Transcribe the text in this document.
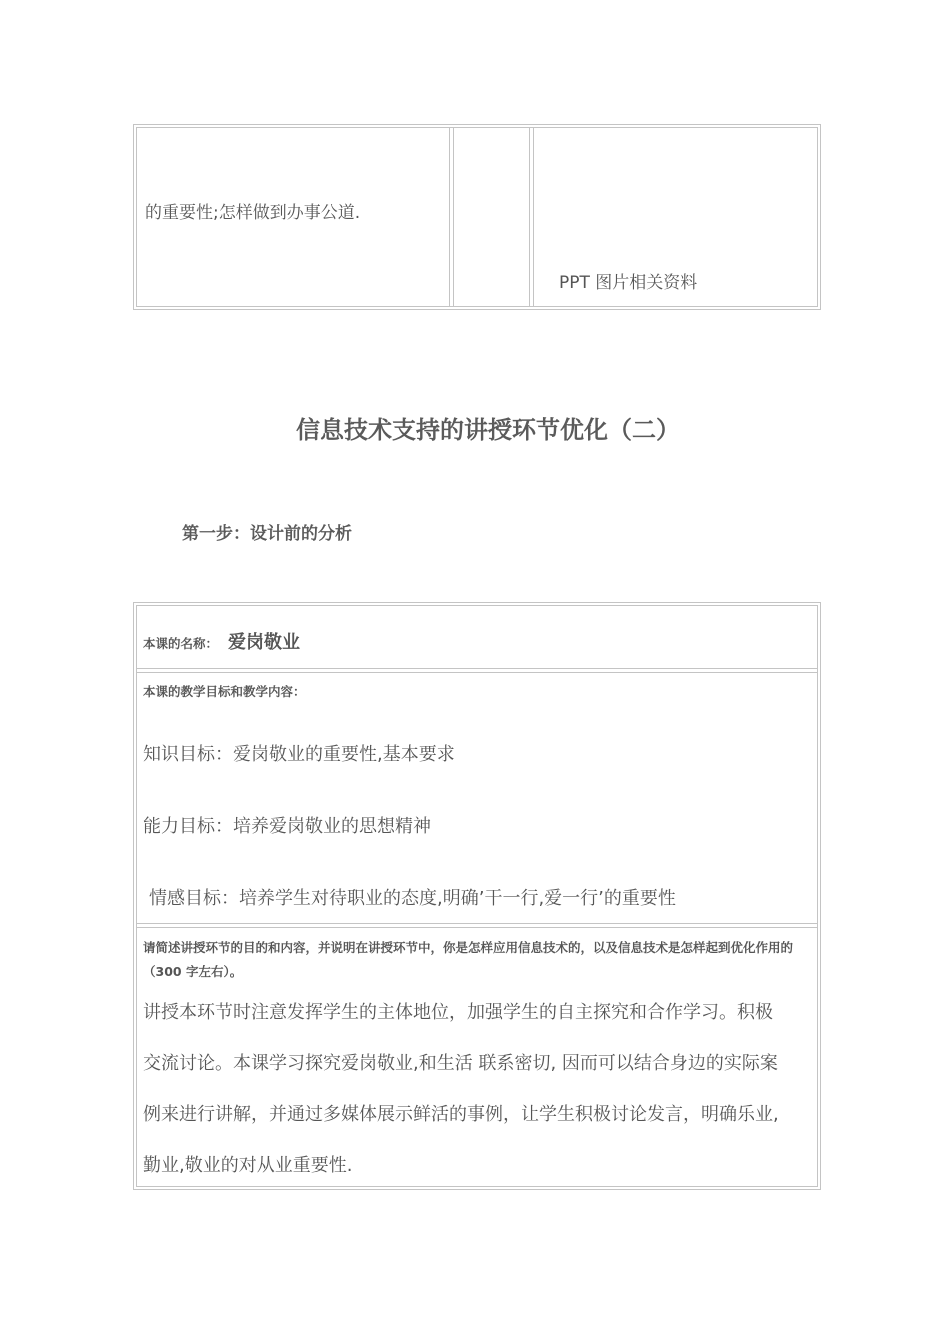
的重要性;怎样做到办事公道.
PPT 图片相关资料
信息技术支持的讲授环节优化（二）
第一步：设计前的分析
本课的名称： 爱岗敬业
本课的教学目标和教学内容：
知识目标：爱岗敬业的重要性,基本要求
能力目标：培养爱岗敬业的思想精神
情感目标：培养学生对待职业的态度,明确’干一行,爱一行’的重要性
请简述讲授环节的目的和内容，并说明在讲授环节中，你是怎样应用信息技术的，以及信息技术是怎样起到优化作用的（300 字左右）。
讲授本环节时注意发挥学生的主体地位，加强学生的自主探究和合作学习。积极
交流讨论。本课学习探究爱岗敬业,和生活 联系密切, 因而可以结合身边的实际案
例来进行讲解，并通过多媒体展示鲜活的事例，让学生积极讨论发言，明确乐业,
勤业,敬业的对从业重要性.
